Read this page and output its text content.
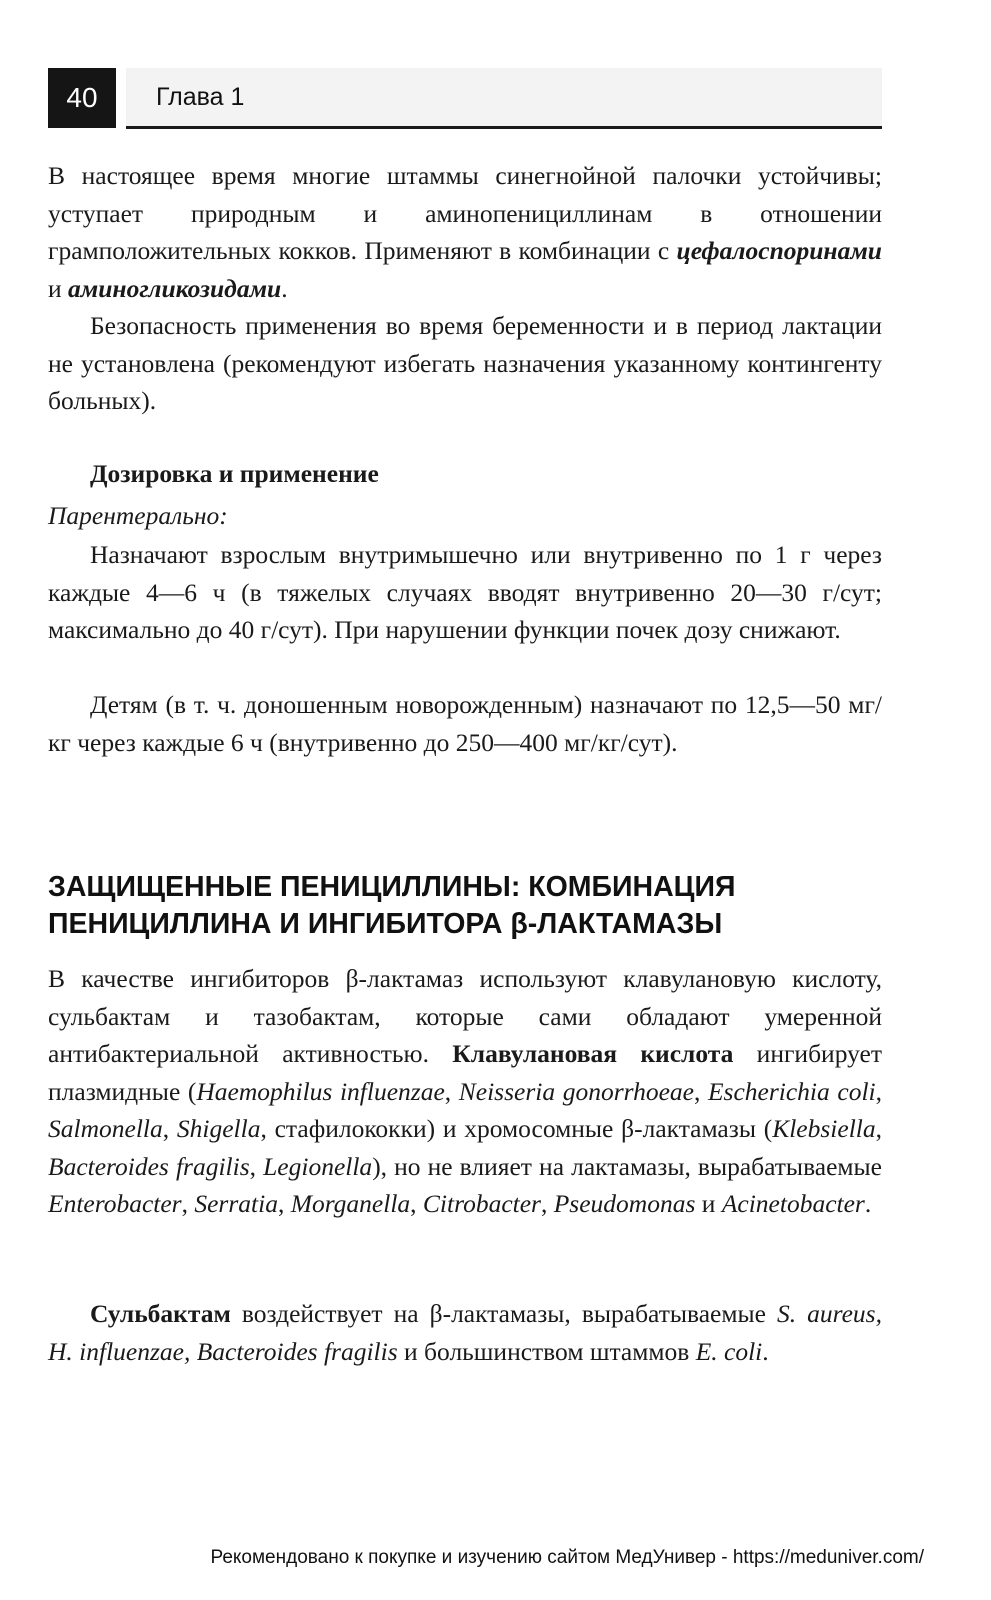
40	Глава 1

В настоящее время многие штаммы синегнойной палочки устойчивы; уступает природным и аминопенициллинам в отношении грамположительных кокков. Применяют в комбинации с цефалоспоринами и аминогликозидами.

Безопасность применения во время беременности и в период лактации не установлена (рекомендуют избегать назначения указанному контингенту больных).

Дозировка и применение

Парентерально:

Назначают взрослым внутримышечно или внутривенно по 1 г через каждые 4—6 ч (в тяжелых случаях вводят внутривенно 20—30 г/сут; максимально до 40 г/сут). При нарушении функции почек дозу снижают.

Детям (в т. ч. доношенным новорожденным) назначают по 12,5—50 мг/кг через каждые 6 ч (внутривенно до 250—400 мг/кг/сут).

ЗАЩИЩЕННЫЕ ПЕНИЦИЛЛИНЫ: КОМБИНАЦИЯ
ПЕНИЦИЛЛИНА И ИНГИБИТОРА β-ЛАКТАМАЗЫ

В качестве ингибиторов β-лактамаз используют клавулановую кислоту, сульбактам и тазобактам, которые сами обладают умеренной антибактериальной активностью. Клавулановая кислота ингибирует плазмидные (Haemophilus influenzae, Neisseria gonorrhoeae, Escherichia coli, Salmonella, Shigella, стафилококки) и хромосомные β-лактамазы (Klebsiella, Bacteroides fragilis, Legionella), но не влияет на лактамазы, вырабатываемые Enterobacter, Serratia, Morganella, Citrobacter, Pseudomonas и Acinetobacter.

Сульбактам воздействует на β-лактамазы, вырабатываемые S. aureus, H. influenzae, Bacteroides fragilis и большинством штаммов E. coli.

Рекомендовано к покупке и изучению сайтом МедУнивер - https://meduniver.com/
